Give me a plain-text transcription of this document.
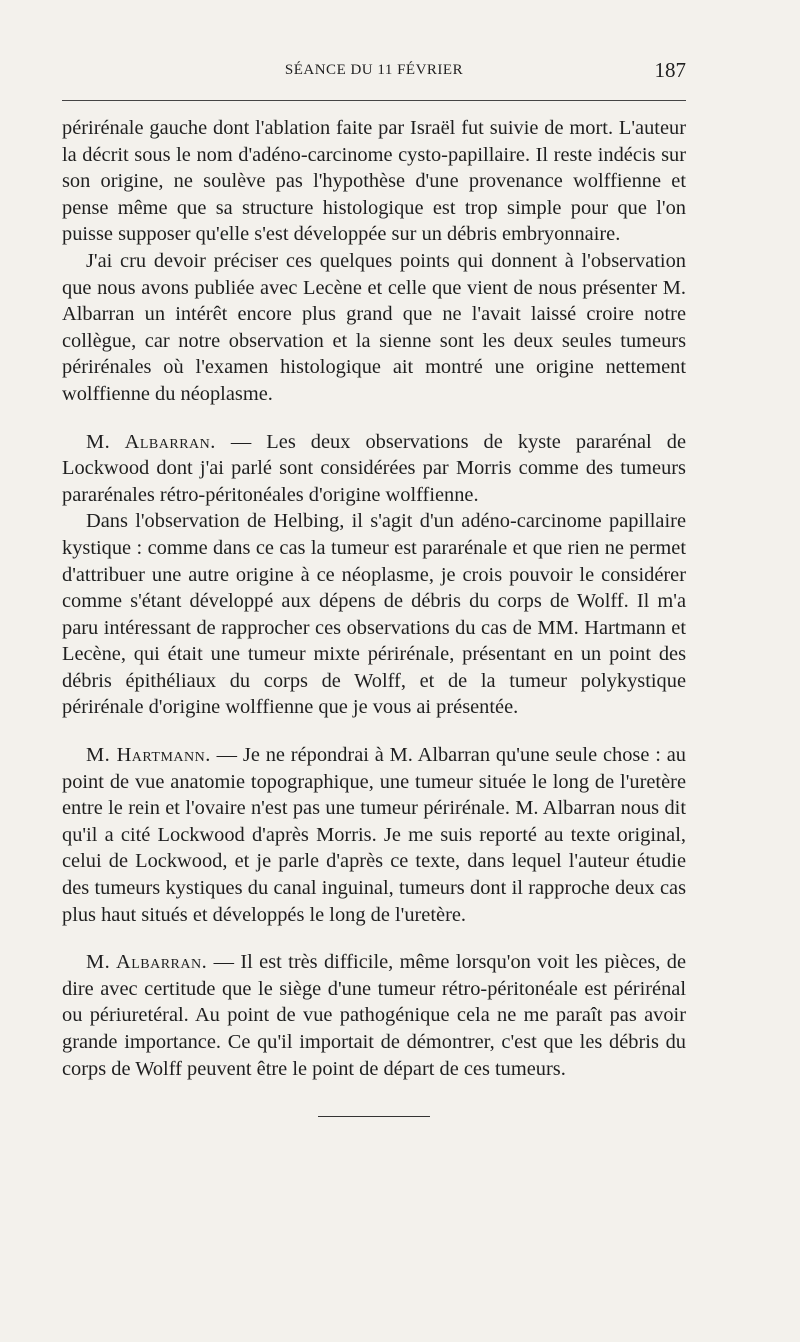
SÉANCE DU 11 FÉVRIER	187

périrénale gauche dont l'ablation faite par Israël fut suivie de mort. L'auteur la décrit sous le nom d'adéno-carcinome cysto-papillaire. Il reste indécis sur son origine, ne soulève pas l'hypothèse d'une provenance wolffienne et pense même que sa structure histologique est trop simple pour que l'on puisse supposer qu'elle s'est développée sur un débris embryonnaire.

J'ai cru devoir préciser ces quelques points qui donnent à l'observation que nous avons publiée avec Lecène et celle que vient de nous présenter M. Albarran un intérêt encore plus grand que ne l'avait laissé croire notre collègue, car notre observation et la sienne sont les deux seules tumeurs périrénales où l'examen histologique ait montré une origine nettement wolffienne du néoplasme.

M. Albarran. — Les deux observations de kyste pararénal de Lockwood dont j'ai parlé sont considérées par Morris comme des tumeurs pararénales rétro-péritonéales d'origine wolffienne.

Dans l'observation de Helbing, il s'agit d'un adéno-carcinome papillaire kystique : comme dans ce cas la tumeur est pararénale et que rien ne permet d'attribuer une autre origine à ce néoplasme, je crois pouvoir le considérer comme s'étant développé aux dépens de débris du corps de Wolff. Il m'a paru intéressant de rapprocher ces observations du cas de MM. Hartmann et Lecène, qui était une tumeur mixte périrénale, présentant en un point des débris épithéliaux du corps de Wolff, et de la tumeur polykystique périrénale d'origine wolffienne que je vous ai présentée.

M. Hartmann. — Je ne répondrai à M. Albarran qu'une seule chose : au point de vue anatomie topographique, une tumeur située le long de l'uretère entre le rein et l'ovaire n'est pas une tumeur périrénale. M. Albarran nous dit qu'il a cité Lockwood d'après Morris. Je me suis reporté au texte original, celui de Lockwood, et je parle d'après ce texte, dans lequel l'auteur étudie des tumeurs kystiques du canal inguinal, tumeurs dont il rapproche deux cas plus haut situés et développés le long de l'uretère.

M. Albarran. — Il est très difficile, même lorsqu'on voit les pièces, de dire avec certitude que le siège d'une tumeur rétro-péritonéale est périrénal ou périuretéral. Au point de vue pathogénique cela ne me paraît pas avoir grande importance. Ce qu'il importait de démontrer, c'est que les débris du corps de Wolff peuvent être le point de départ de ces tumeurs.
